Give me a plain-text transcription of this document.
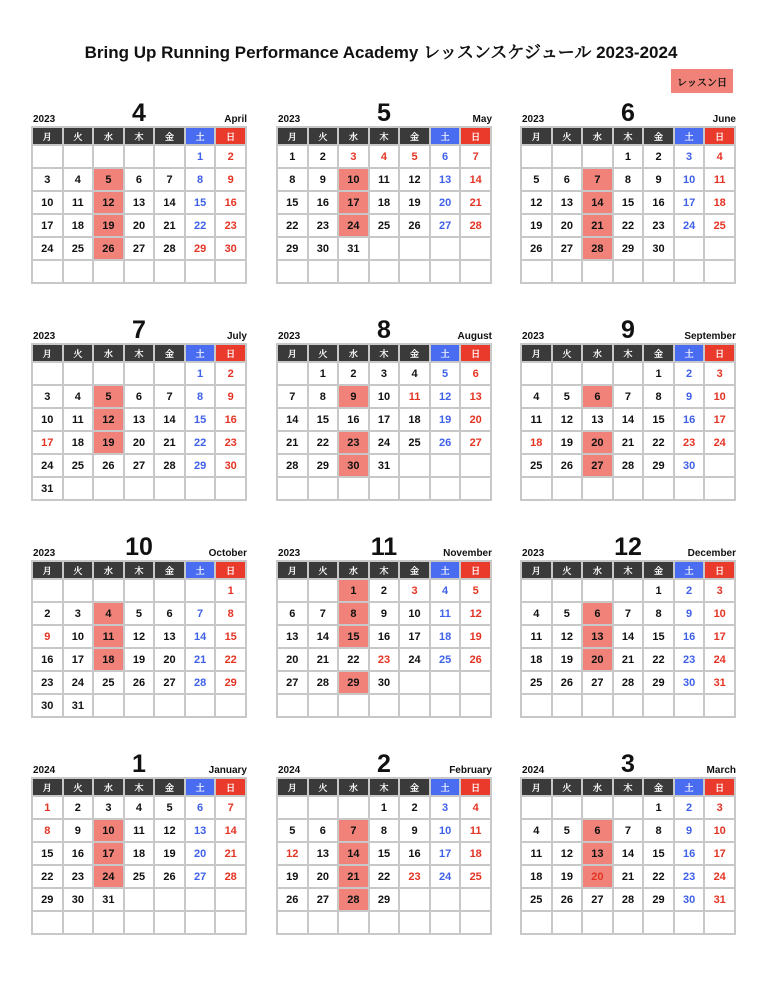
Bring Up Running Performance Academy レッスンスケジュール 2023-2024
レッスン日
2023	4	April
月	火	水	木	金	土	日
					1	2
3	4	5	6	7	8	9
10	11	12	13	14	15	16
17	18	19	20	21	22	23
24	25	26	27	28	29	30

2023	5	May
月	火	水	木	金	土	日
1	2	3	4	5	6	7
8	9	10	11	12	13	14
15	16	17	18	19	20	21
22	23	24	25	26	27	28
29	30	31				

2023	6	June
月	火	水	木	金	土	日
			1	2	3	4
5	6	7	8	9	10	11
12	13	14	15	16	17	18
19	20	21	22	23	24	25
26	27	28	29	30		

2023	7	July
月	火	水	木	金	土	日
					1	2
3	4	5	6	7	8	9
10	11	12	13	14	15	16
17	18	19	20	21	22	23
24	25	26	27	28	29	30
31						
2023	8	August
月	火	水	木	金	土	日
	1	2	3	4	5	6
7	8	9	10	11	12	13
14	15	16	17	18	19	20
21	22	23	24	25	26	27
28	29	30	31			

2023	9	September
月	火	水	木	金	土	日
				1	2	3
4	5	6	7	8	9	10
11	12	13	14	15	16	17
18	19	20	21	22	23	24
25	26	27	28	29	30	

2023	10	October
月	火	水	木	金	土	日
						1
2	3	4	5	6	7	8
9	10	11	12	13	14	15
16	17	18	19	20	21	22
23	24	25	26	27	28	29
30	31					
2023	11	November
月	火	水	木	金	土	日
		1	2	3	4	5
6	7	8	9	10	11	12
13	14	15	16	17	18	19
20	21	22	23	24	25	26
27	28	29	30			

2023	12	December
月	火	水	木	金	土	日
				1	2	3
4	5	6	7	8	9	10
11	12	13	14	15	16	17
18	19	20	21	22	23	24
25	26	27	28	29	30	31

2024	1	January
月	火	水	木	金	土	日
1	2	3	4	5	6	7
8	9	10	11	12	13	14
15	16	17	18	19	20	21
22	23	24	25	26	27	28
29	30	31				

2024	2	February
月	火	水	木	金	土	日
			1	2	3	4
5	6	7	8	9	10	11
12	13	14	15	16	17	18
19	20	21	22	23	24	25
26	27	28	29			

2024	3	March
月	火	水	木	金	土	日
				1	2	3
4	5	6	7	8	9	10
11	12	13	14	15	16	17
18	19	20	21	22	23	24
25	26	27	28	29	30	31
